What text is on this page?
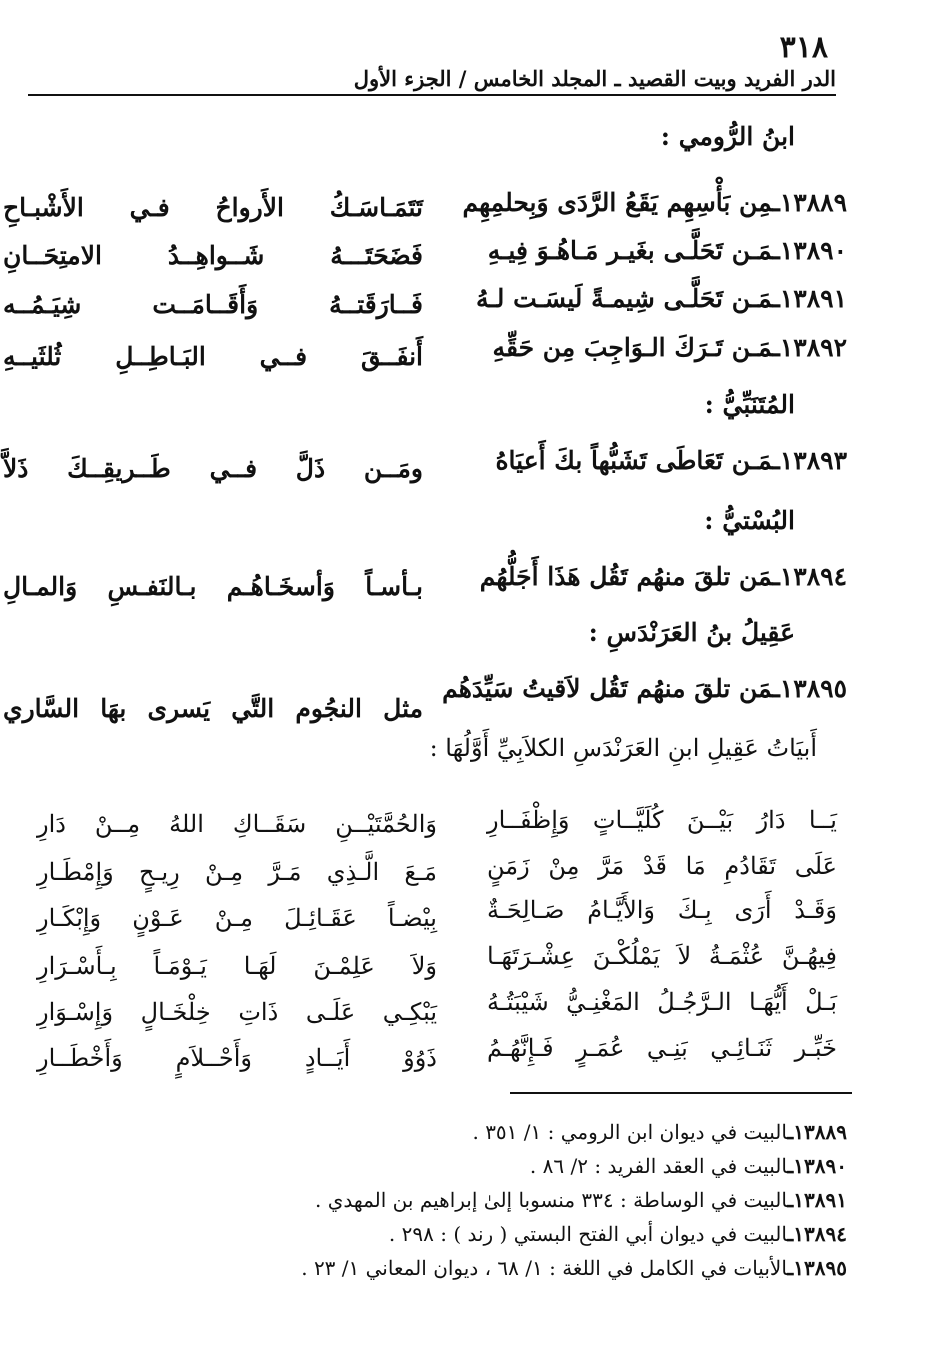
٣١٨
الدر الفريد وبيت القصيد ـ المجلد الخامس / الجزء الأول
ابنُ الرُّومي :
١٣٨٨٩ـمِن بَأْسِهِم يَقَعُ الرَّدَى وَبِحلمِهِم
تَتَمَـاسَـكُ الأَرواحُ فـي الأَشْبـاحِ
١٣٨٩٠ـمَـن تَحَلَّـى بغَيـر مَـاهُـوَ فِيـهِ
فَضَحَتَـــهُ شَــواهِــدُ الامتِحَــانِ
١٣٨٩١ـمَـن تَحَلَّـى شِيمـةً لَيسَـت لـهُ
فَــارَقَتــهُ وَأَقَــامَــت شِيَـمُــه
١٣٨٩٢ـمَـن تَـرَكَ الـوَاجِبَ مِن حَقِّهِ
أَنفَــقَ فــي البَـاطِــلِ ثُلثَيــهِ
المُتَنَبِّيُّ :
١٣٨٩٣ـمَـن تَعَاطَى تَشَبُّهاً بكَ أَعيَاهُ
ومَــن ذَلَّ فــي طَــريقِــكَ ذَلاَّ
البُسْتيُّ :
١٣٨٩٤ـمَن تلقَ منهُم تَقُل هَذَا أَجَلُّهُم
بـأسـاً وَأسخَـاهُـم بـالنَفـسِ وَالمـالِ
عَقِيلُ بنُ العَرَنْدَسِ :
١٣٨٩٥ـمَن تلقَ منهُم تَقُل لاَقيتُ سَيِّدَهُم
مثل النجُوم التَّي يَسرى بهَا السَّاري
أَبيَاتُ عَقِيلِ ابنِ العَرَنْدَسِ الكلاَبِيِّ أَوَّلُهَا :
يَــا دَارُ بَيْــنَ كُلَيَّــاتٍ وَإِظْفَــارِ
وَالحُمَّتَيْــنِ سَقَــاكِ اللهُ مِــنْ دَارِ
عَلَى تَقَادُمِ مَا قَدْ مَرَّ مِنْ زَمَنٍ
مَـعَ الَّـذِي مَـرَّ مِـنْ رِيـحٍ وَإِمْطَـارِ
وَقَـدْ أَرَى بِـكَ وَالأَيَّـامُ صَـالِحَـةٌ
بِيْضـاً عَقَـائِـلَ مِـنْ عَـوْنٍ وَإِبْكَـارِ
فِيهُـنَّ عُثْمَـةُ لاَ يَمْلُكْـنَ عِشْـرَتَهَـا
وَلاَ عَلِمْـنَ لَهَـا يَـوْمَـاً بِـأَسْـرَارِ
بَـلْ أَيُّهَـا الـرَّجُـلُ المَغْنِـيُّ شَيْبَتُـهُ
يَبْكِـي عَلَـى ذَاتِ خِلْخَـالٍ وَإِسْـوَارِ
خَبِّـر ثَنَـائِـي بَنِـي عُمَـرٍ فَـإِنَّهُـمُ
ذَوُوْ أَيَــادٍ وَأَحْــلاَمٍ وَأَخْطَــارِ
١٣٨٨٩ـالبيت في ديوان ابن الرومي : ١/ ٣٥١ .
١٣٨٩٠ـالبيت في العقد الفريد : ٢/ ٨٦ .
١٣٨٩١ـالبيت في الوساطة : ٣٣٤ منسوبا إلىٰ إبراهيم بن المهدي .
١٣٨٩٤ـالبيت في ديوان أبي الفتح البستي ( رند ) : ٢٩٨ .
١٣٨٩٥ـالأبيات في الكامل في اللغة : ١/ ٦٨ ، ديوان المعاني ١/ ٢٣ .
